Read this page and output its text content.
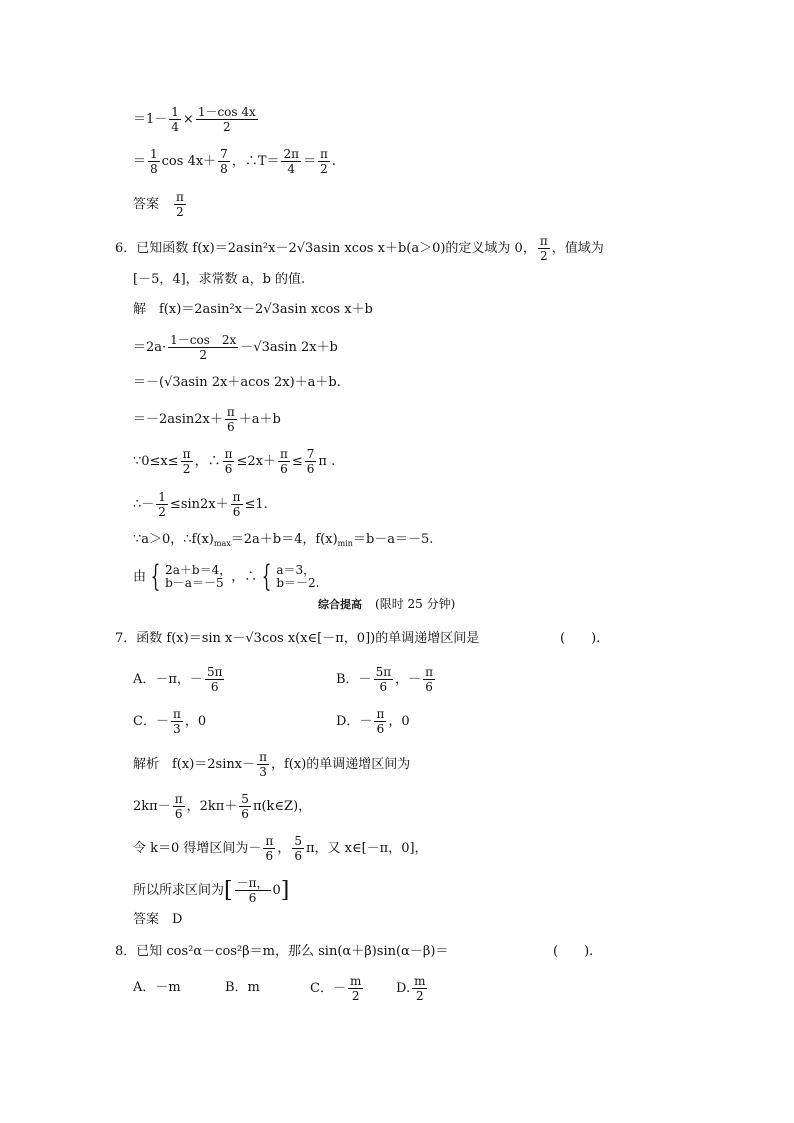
$=1- \frac{1}{4} \times \frac{1-\cos 4x}{2}$
＝ $\frac{1}{8}$ $\cos 4x+ \frac{7}{8}$ ，∴T＝ $\frac{2\pi}{4} = \frac{\pi}{2}$ .
答案　 $\frac{\pi}{2}$
6．已知函数 f(x)＝2asin²x－2√3asin xcos x＋b(a＞0)的定义域为 0， $\frac{\pi}{2}$ ，值域为
[－5，4]，求常数 a，b 的值.
解　f(x)＝2asin²x－2√3asin xcos x＋b
$=2a\cdot \frac{1-\cos 2x}{2} -√3asin$ 2x＋b
＝－(√3asin 2x＋acos 2x)＋a＋b.
$=-2asin2x+ \frac{\pi}{6} +a+b$
∵0≤x≤ $\frac{\pi}{2}$ ，∴ $\frac{\pi}{6} \le 2x+ \frac{\pi}{6} \le \frac{7}{6}$ π .
∴－ $\frac{1}{2} \le\sin 2x+ \frac{\pi}{6} \le 1$.
∵a＞0，$\therefore f(x)_{max}=2a+b=4$，$f(x)_{min}=b-a=-5$.
由 { 2a＋b＝4，
b－a＝－5 ，∴ { a＝3，
b＝－2.
综合提高　 (限时 25 分钟)
7．函数 f(x)＝sin x－√3cos x(x∈[－π，0])的单调递增区间是	(　　).
A．－π，－ $\frac{5\pi}{6}$	B．－ $\frac{5\pi}{6}$ ，－ $\frac{\pi}{6}$
C．－ $\frac{\pi}{3}$ ，0	D．－ $\frac{\pi}{6}$ ，0
解析　$f(x)=2\sin x- \frac{\pi}{3}$ ，f(x)的单调递增区间为
$2k\pi- \frac{\pi}{6}$ ，$2k\pi+ \frac{5}{6}$ π(k∈Z)，
令 k＝0 得增区间为－ $\frac{\pi}{6}$ ， $\frac{5}{6}$ π，又 x∈[－π，0]，
所以所求区间为[ $\frac{-\pi,}{6} 0$]
答案　D
8．已知 cos²α－cos²β＝m，那么 sin(α＋β)sin(α－β)＝	(　　).
A．－m	B．m	C．－ $\frac{m}{2}$	D. $\frac{m}{2}$
